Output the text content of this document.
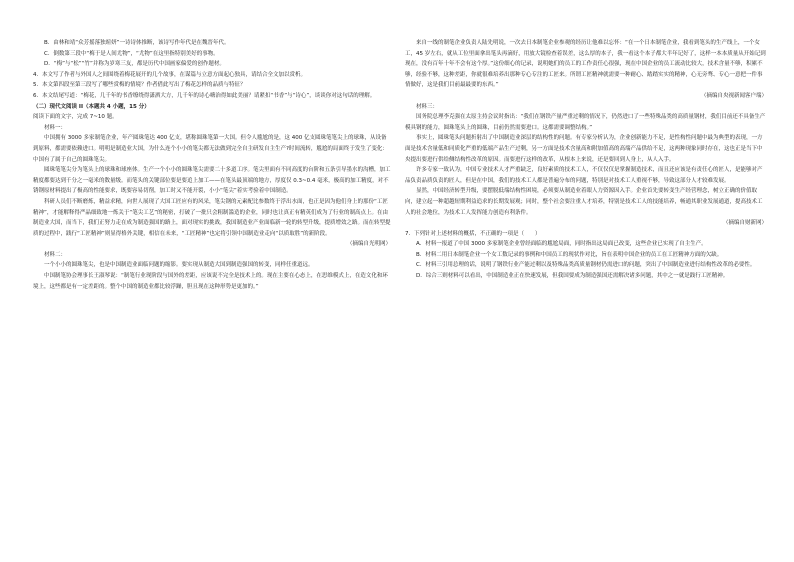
B．由林和靖“众芳摇落独暄妍”一诗诗体推断，该诗写作年代是在魏晋年代。

C．倒数第三段中“梅于是人间尤物”，“尤物”在这里指特别美好的事物。

D．“梅”与“松”“竹”并称为岁寒三友，都是历代中国画家偏爱的创作题材。

4．本文写了作者与外国人之间围绕着梅花展开的几个故事，在谋篇与立意方面起心独具，请结合全文加以赏析。

5．本文第四段至第三段写了哪些赏梅的情境？作者借此写出了梅花怎样的品质与特征？

6．本文结尾写道：“梅花，几千年的书香缭绕得潇洒大方，几千年的诗心嗨治得如此美丽？请紧扣“书香”与“诗心”，谈谈你对这句话的理解。

（二）现代文阅读 II（本题共 4 小题，15 分）

阅读下面的文字，完成 7~10 题。

材料一：

中国拥有 3000 多家制笔企业，年产圆珠笔达 400 亿支，堪称圆珠笔第一大国。但令人尴尬的是，这 400 亿支圆珠笔笔尖上的球珠，从设备到原料，都需要依赖进口。明明是制造业大国，为什么连个小小的笔尖都无法做到完全自主研发自主生产?时间流转，尴尬的局面终于发生了变化：中国有了属于自己的圆珠笔尖。

圆珠笔笔尖分为笔头上的球珠和球座体。生产一个小小的圆珠笔尖需要二十多道工序。笔尖里面有不同高度的台阶和五条引导墨水的沟槽，加工精度都要达到千分之一毫米的数量级。而笔头的关键部位要是要追上加工——在笔头最顶端的地方，厚度仅 0.3~0.4 毫米，极高的加工精度，对不锈钢原材料提出了极高的性能要求，既要容易切削，加工时又不能开裂，小小“笔尖”着实考验着中国制造。

科研人员们不断磨炼，精益求精，向世人展现了大国工匠应有的风采，笔尖钢的元素配比参数终于浮出水面，也正是因为他们身上的那份“工匠精神”，才能解释得严晶细致地一炼关于“笔尖工艺”的秘密，打破了一批只会粗制滥造的企业，同时也让真正有精英们成为了行业的制高点上。在由制造业大国，而当下，我们正努力走在成为制造强国的路上，面对现实的挑战，我国制造业产业面临新一轮的转型升级，提质增效之路。而在转型提质的过程中，践行“工匠精神”则显得格外关键，相信在未来，“工匠精神”也定将引领中国制造业走向“以质取胜”的新阶段。

（摘编自光明网）

材料二：

一个小小的圆珠笔尖，也是中国制造业面临问题的缩影。要实现从制造大国到制造强国的转变，同样任重道远。

中国制笔协会理事长王淑琴说：“制笔行业现阶段与国外的差距，应该说不完全是技术上的。现在主要在心态上，在思维模式上，在造文化和环境上，这些都是有一定差距的。整个中国的制造业都比较浮躁，胆且现在这种形势是更加的。”

来自一线的制笔企业负责人陆先明说，一次去日本制笔企业参观的经历让他难以忘怀：“在一个日本制笔企业，我看到笔头的生产线上，一个女工，45 岁左右，就从工位里面拿出笔头再滴好，用放大镜检查着误差，这么厚的本子，我一看这个本子都大半年记好了，这样一本本质量从开始记到现在，没有百年十年不会有这个厚。”这份细心的记录，说明她们的员工的工作责任心很强，现在中国企业的员工流动比较大，技术含量不够，积累不够，经验不够，这种差距，你就很难培养出那种专心专注的工匠来。所谓工匠精神就需要一种耐心、踏踏实实的精神，心无旁骛、专心一意把一件事情做好，这是我们目前最最要的东西。”

（摘编自央视新闻客户端）

材料三：

国务院总理李克强在太原主持会议时指出：“我们在钢铁产量严重过剩的情况下，仍然进口了一些特殊品类的高质量钢材，我们目前还不具备生产模具钢的能力，圆珠笔头上的圆珠，目前仍然需要进口。这都需要调整结构。”

事实上，圆珠笔头问题折射出了中国制造业深层的结构性的问题。有专家分析认为，企业创新能力不足，是性构性问题中最为典型的表现，一方面是技术含量低和同质化严重的低端产品生产过剩，另一方面是技术含量高和附加值高的高端产品供给不足，这两种现象同时存在，这也正是当下中央提出要进行供给侧结构性改革的原因。而要进行这样的改革，从根本上来说，还是要回到人身上，从人入手。

许多专家一致认为，中国专业技术人才严重缺乏，良好素质的技术工人，不仅仅仅是掌握制造技术，而且还应该是有责任心的匠人，是能够对产品负责品质负责的匠人，但是在中国，我们的技术工人都是普遍分布的问题，特别是对技术工人重视不够，导致这部分人才较难发展。

显然，中国经济转型升级，要摆脱低端结构性困境，必须要从制造业着眼人力资源因入手。企业首先要转变生产经营理念，树立正确的价值取向，建立起一种超越短期利益追求的长期发展观；同时，整个社会要注重人才培养，特别是技术工人的技能培养，畅通其职业发展通道，提高技术工人的社会地位，为技术工人发挥能力创造有利条件。

（摘编自财新网）

7．下列针对上述材料的概括，不正确的一项是（　　）

A．材料一报道了中国 3000 多家制笔企业曾经面临的尴尬局面，同时指出这局面已改变，这些企业已实现了自主生产。

B．材料二用日本制笔企业一个女工数记录的事例和中国员工的现状作对比，旨在表明中国企业的员工在工匠精神方面的欠缺。

C．材料三引用总理的话，说明了钢铁行业产能过剩以及特殊品类高质量钢材仍需进口的问题，突出了中国制造业进行结构性改革的必要性。

D．综合三则材料可以看出，中国制造业正在快速发展，但我国要成为制造强国还需解决诸多问题，其中之一就是践行工匠精神。
